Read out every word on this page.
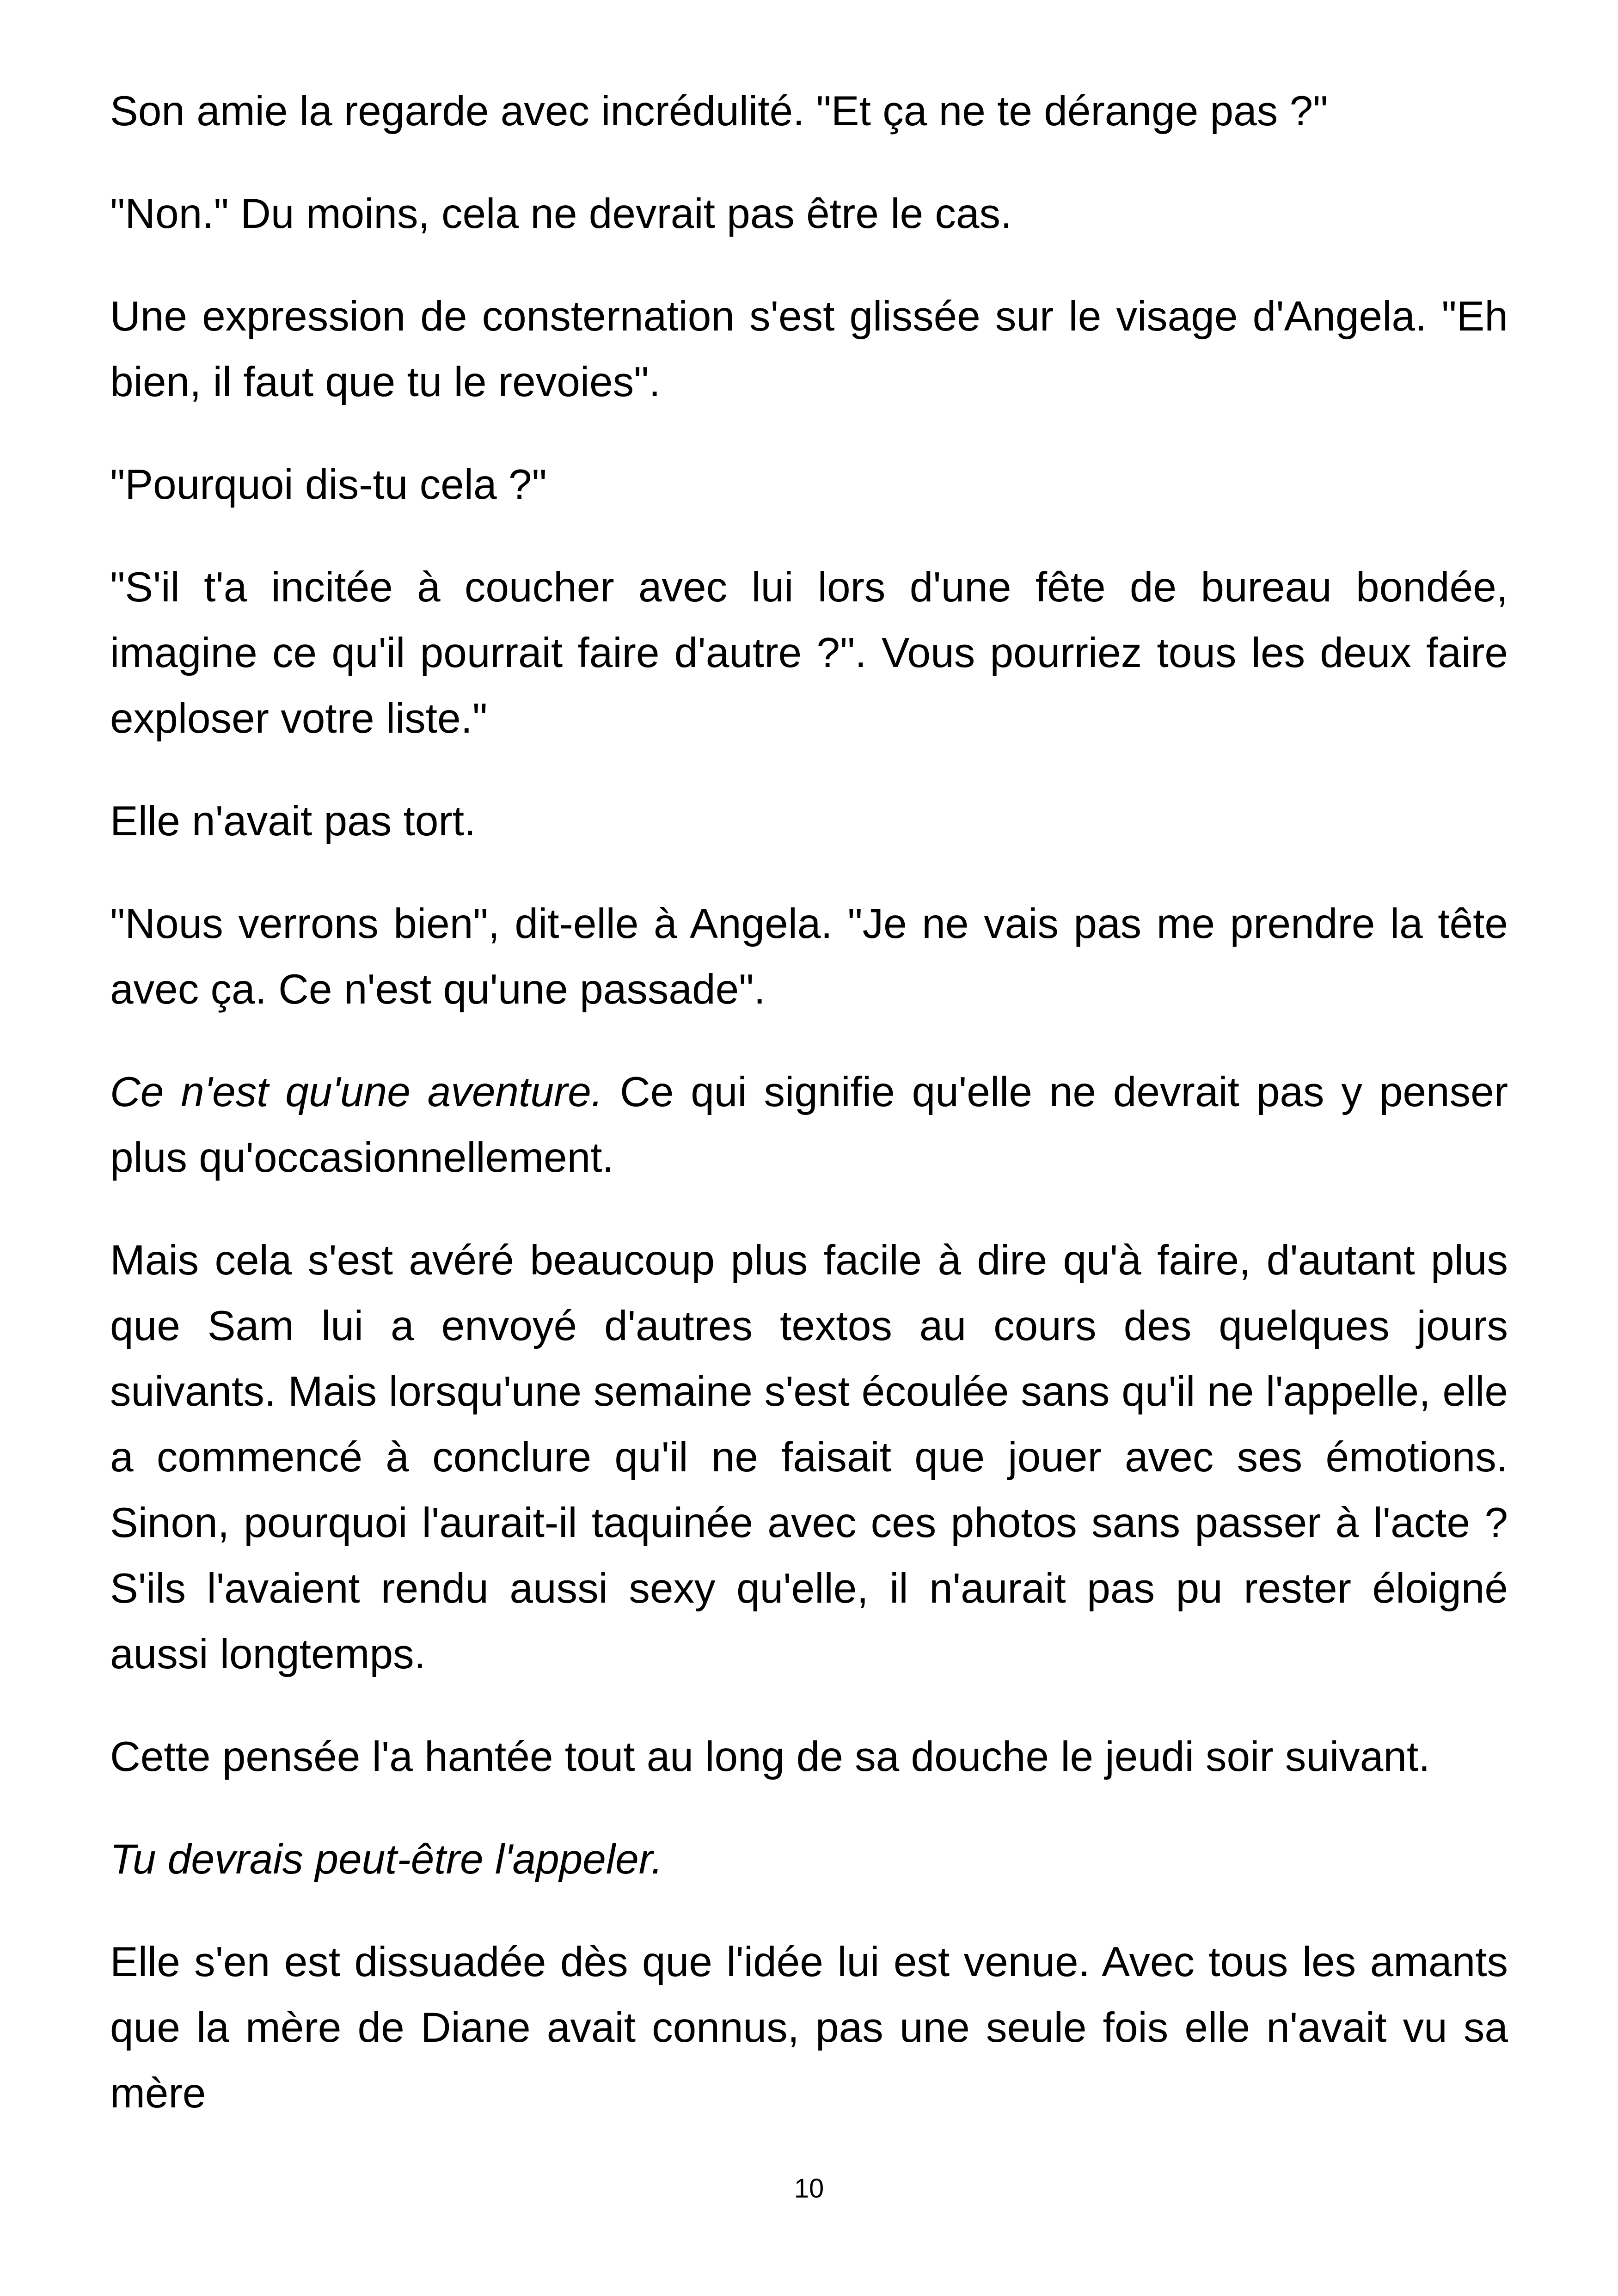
Son amie la regarde avec incrédulité. "Et ça ne te dérange pas ?"

"Non." Du moins, cela ne devrait pas être le cas.

Une expression de consternation s'est glissée sur le visage d'Angela. "Eh bien, il faut que tu le revoies".

"Pourquoi dis-tu cela ?"

"S'il t'a incitée à coucher avec lui lors d'une fête de bureau bondée, imagine ce qu'il pourrait faire d'autre ?". Vous pourriez tous les deux faire exploser votre liste."

Elle n'avait pas tort.

"Nous verrons bien", dit-elle à Angela. "Je ne vais pas me prendre la tête avec ça. Ce n'est qu'une passade".

Ce n'est qu'une aventure. Ce qui signifie qu'elle ne devrait pas y penser plus qu'occasionnellement.

Mais cela s'est avéré beaucoup plus facile à dire qu'à faire, d'autant plus que Sam lui a envoyé d'autres textos au cours des quelques jours suivants. Mais lorsqu'une semaine s'est écoulée sans qu'il ne l'appelle, elle a commencé à conclure qu'il ne faisait que jouer avec ses émotions. Sinon, pourquoi l'aurait-il taquinée avec ces photos sans passer à l'acte ? S'ils l'avaient rendu aussi sexy qu'elle, il n'aurait pas pu rester éloigné aussi longtemps.

Cette pensée l'a hantée tout au long de sa douche le jeudi soir suivant.

Tu devrais peut-être l'appeler.

Elle s'en est dissuadée dès que l'idée lui est venue. Avec tous les amants que la mère de Diane avait connus, pas une seule fois elle n'avait vu sa mère

10
